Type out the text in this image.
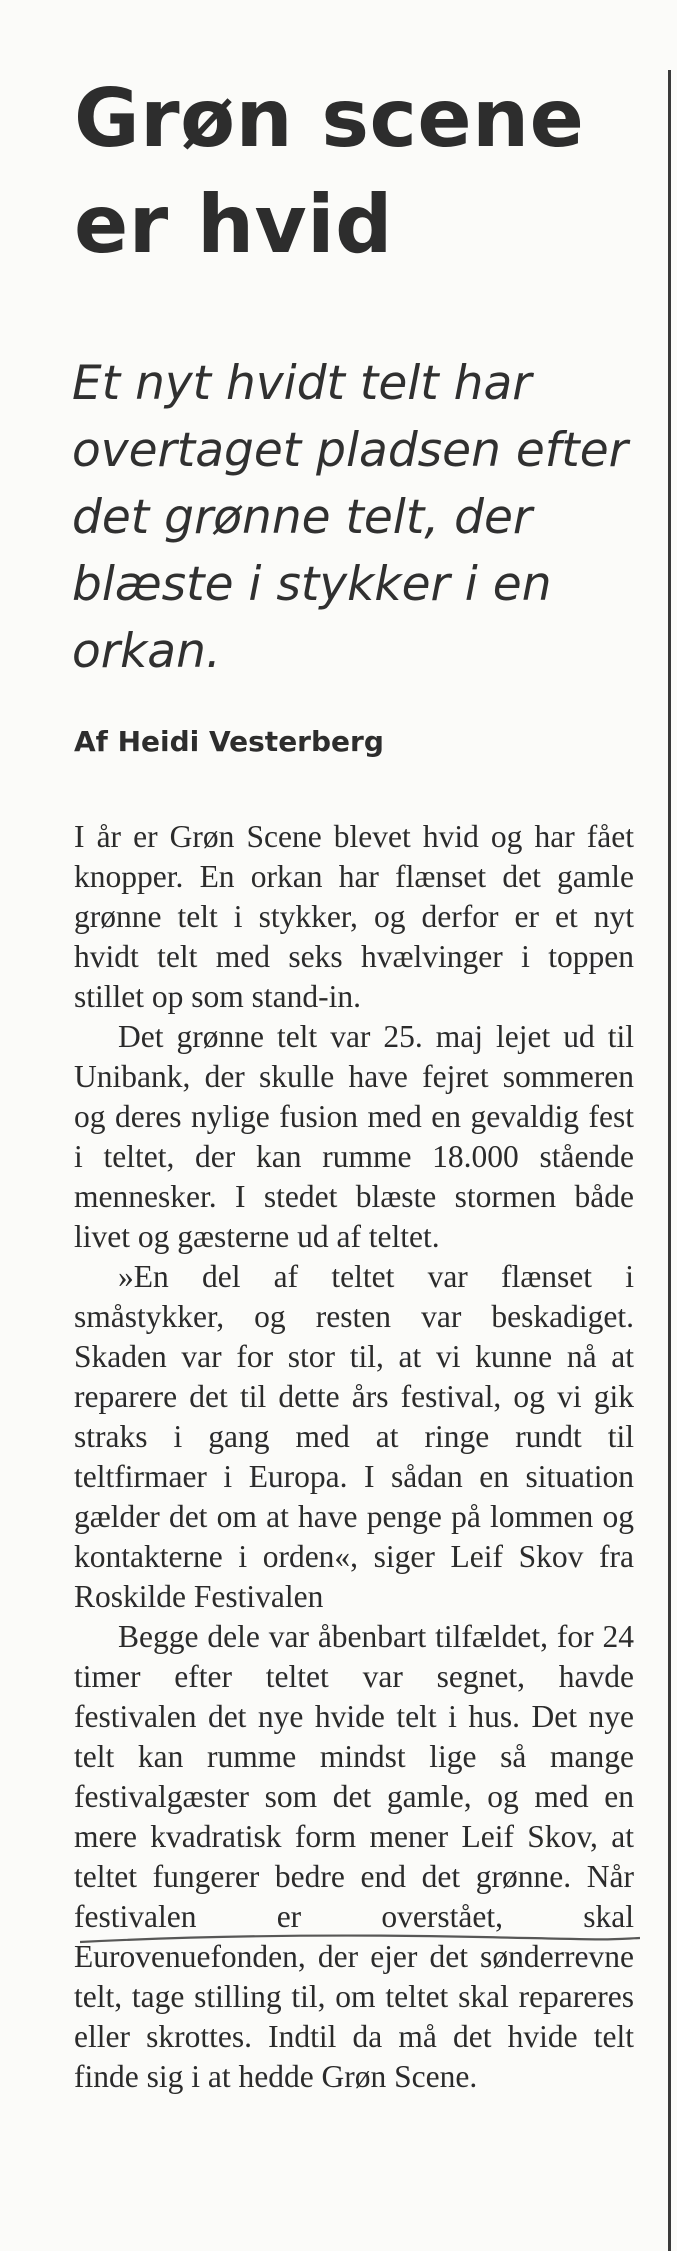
Grøn scene er hvid

Et nyt hvidt telt har overtaget pladsen efter det grønne telt, der blæste i stykker i en orkan.

Af Heidi Vesterberg

I år er Grøn Scene blevet hvid og har fået knopper. En orkan har flænset det gamle grønne telt i stykker, og derfor er et nyt hvidt telt med seks hvælvinger i toppen stillet op som stand-in.

Det grønne telt var 25. maj lejet ud til Unibank, der skulle have fejret sommeren og deres nylige fusion med en gevaldig fest i teltet, der kan rumme 18.000 stående mennesker. I stedet blæste stormen både livet og gæsterne ud af teltet.

»En del af teltet var flænset i småstykker, og resten var beskadiget. Skaden var for stor til, at vi kunne nå at reparere det til dette års festival, og vi gik straks i gang med at ringe rundt til teltfirmaer i Europa. I sådan en situation gælder det om at have penge på lommen og kontakterne i orden«, siger Leif Skov fra Roskilde Festivalen

Begge dele var åbenbart tilfældet, for 24 timer efter teltet var segnet, havde festivalen det nye hvide telt i hus. Det nye telt kan rumme mindst lige så mange festivalgæster som det gamle, og med en mere kvadratisk form mener Leif Skov, at teltet fungerer bedre end det grønne. Når festivalen er overstået, skal Eurovenuefonden, der ejer det sønderrevne telt, tage stilling til, om teltet skal repareres eller skrottes. Indtil da må det hvide telt finde sig i at hedde Grøn Scene.
